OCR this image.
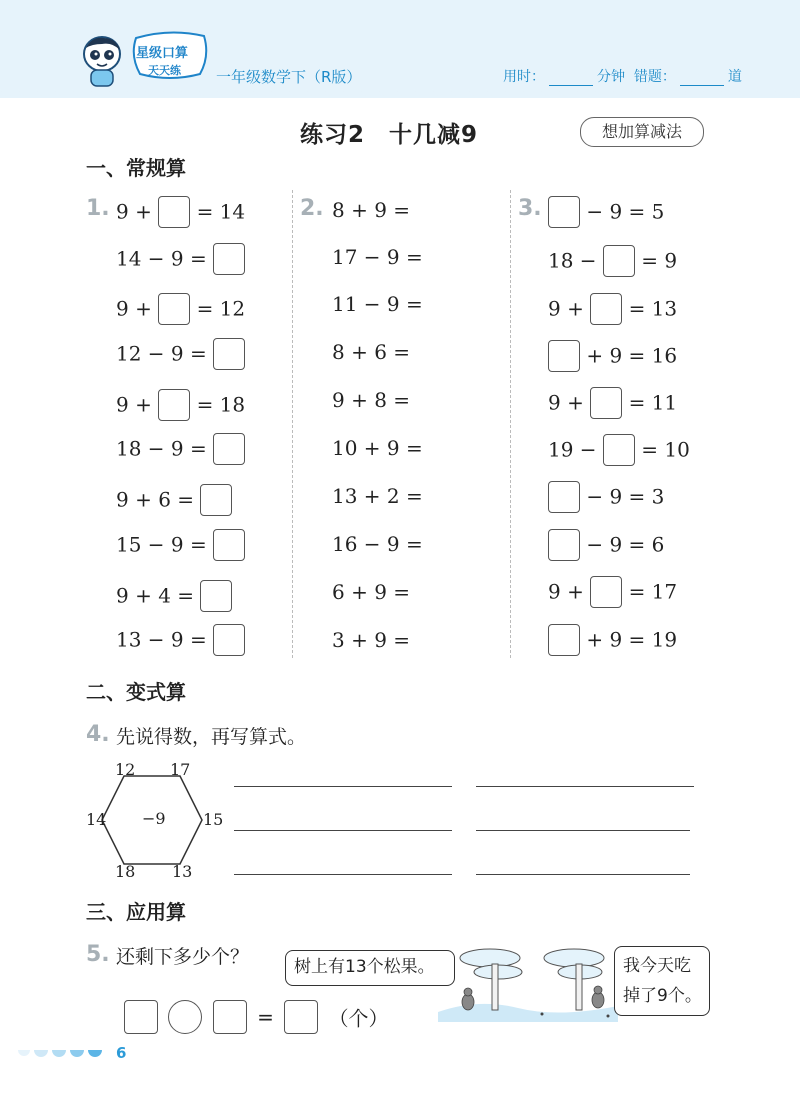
星级口算
天天练 一年级数学下（R版）	用时：	分钟 错题：	道
练习2　十几减9	想加算减法
一、常规算
1.	2.	3.
9 + = 14
14 − 9 =
9 + = 12
12 − 9 =
9 + = 18
18 − 9 =
9 + 6 =
15 − 9 =
9 + 4 =
13 − 9 =
8 + 9 =
17 − 9 =
11 − 9 =
8 + 6 =
9 + 8 =
10 + 9 =
13 + 2 =
16 − 9 =
6 + 9 =
3 + 9 =
− 9 = 5
18 − = 9
9 + = 13
+ 9 = 16
9 + = 11
19 − = 10
− 9 = 3
− 9 = 6
9 + = 17
+ 9 = 19
二、变式算
4. 先说得数，再写算式。
12 17
14	15
−9
18 13
三、应用算
5. 还剩下多少个？	树上有13个松果。	我今天吃
掉了9个。
=	（个）
6
